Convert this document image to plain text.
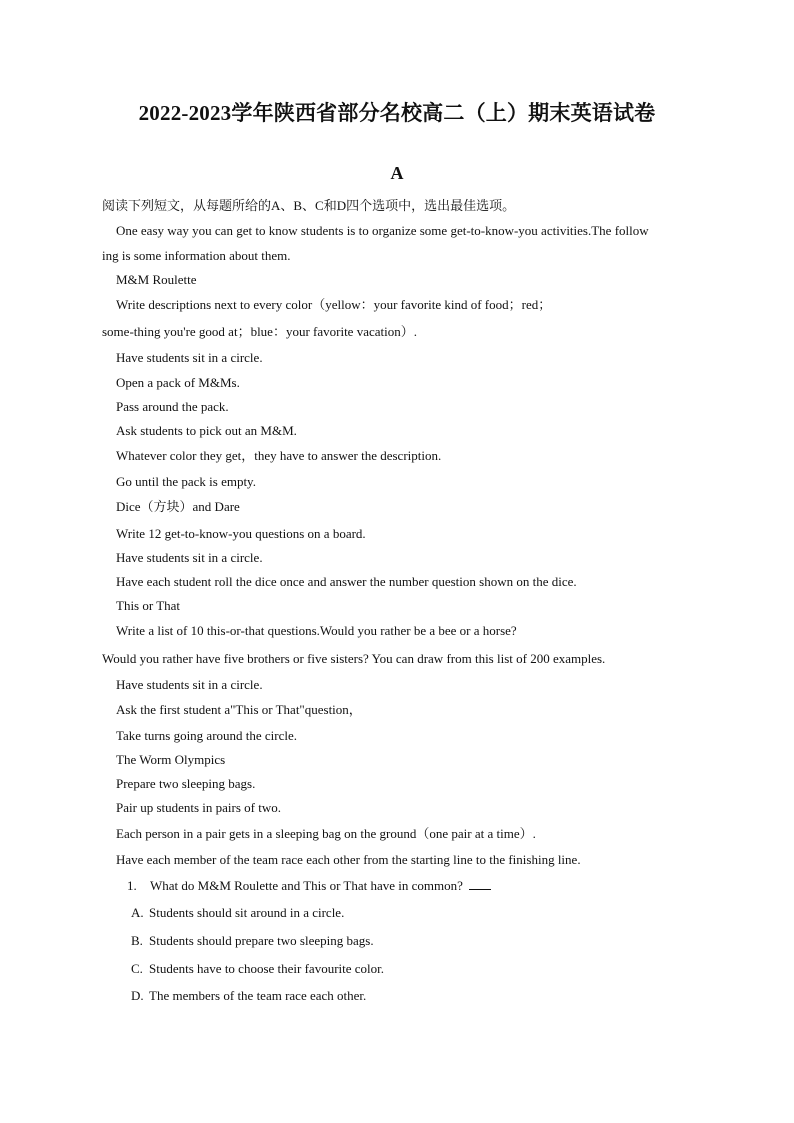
2022-2023学年陕西省部分名校高二（上）期末英语试卷
A
阅读下列短文，从每题所给的A、B、C和D四个选项中，选出最佳选项。
One easy way you can get to know students is to organize some get-to-know-you activities.The follow
ing is some information about them.
M&M Roulette
Write descriptions next to every color（yellow：your favorite kind of food；red；
some-thing you're good at；blue：your favorite vacation）.
Have students sit in a circle.
Open a pack of M&Ms.
Pass around the pack.
Ask students to pick out an M&M.
Whatever color they get，they have to answer the description.
Go until the pack is empty.
Dice（方块）and Dare
Write 12 get-to-know-you questions on a board.
Have students sit in a circle.
Have each student roll the dice once and answer the number question shown on the dice.
This or That
Write a list of 10 this-or-that questions.Would you rather be a bee or a horse?
Would you rather have five brothers or five sisters? You can draw from this list of 200 examples.
Have students sit in a circle.
Ask the first student a"This or That"question，
Take turns going around the circle.
The Worm Olympics
Prepare two sleeping bags.
Pair up students in pairs of two.
Each person in a pair gets in a sleeping bag on the ground（one pair at a time）.
Have each member of the team race each other from the starting line to the finishing line.
1. What do M&M Roulette and This or That have in common?
A. Students should sit around in a circle.
B. Students should prepare two sleeping bags.
C. Students have to choose their favourite color.
D. The members of the team race each other.
